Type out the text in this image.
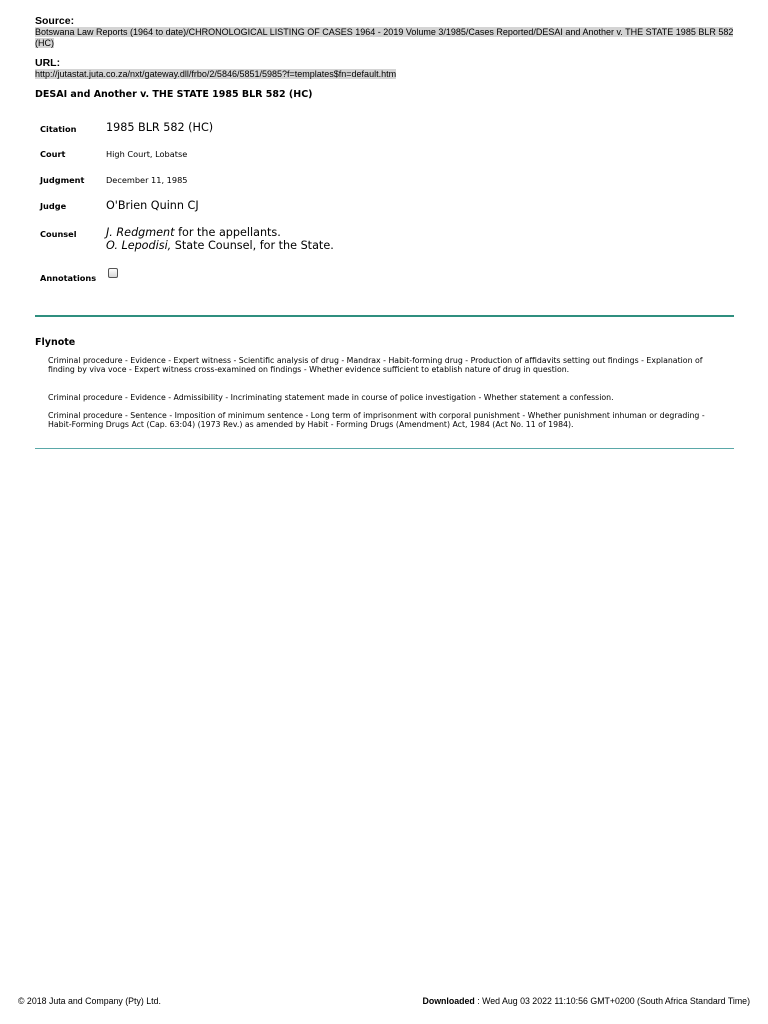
Source:
Botswana Law Reports (1964 to date)/CHRONOLOGICAL LISTING OF CASES 1964 - 2019 Volume 3/1985/Cases Reported/DESAI and Another v. THE STATE 1985 BLR 582 (HC)
URL:
http://jutastat.juta.co.za/nxt/gateway.dll/frbo/2/5846/5851/5985?f=templates$fn=default.htm
DESAI and Another v. THE STATE 1985 BLR 582 (HC)
Citation	1985 BLR 582 (HC)
Court	High Court, Lobatse
Judgment	December 11, 1985
Judge	O'Brien Quinn CJ
Counsel	J. Redgment for the appellants.
O. Lepodisi, State Counsel, for the State.
Annotations
Flynote

Criminal procedure - Evidence - Expert witness - Scientific analysis of drug - Mandrax - Habit-forming drug - Production of affidavits setting out findings - Explanation of finding by viva voce - Expert witness cross-examined on findings - Whether evidence sufficient to etablish nature of drug in question.

Criminal procedure - Evidence - Admissibility - Incriminating statement made in course of police investigation - Whether statement a confession.

Criminal procedure - Sentence - Imposition of minimum sentence - Long term of imprisonment with corporal punishment - Whether punishment inhuman or degrading - Habit-Forming Drugs Act (Cap. 63:04) (1973 Rev.) as amended by Habit - Forming Drugs (Amendment) Act, 1984 (Act No. 11 of 1984).

© 2018 Juta and Company (Pty) Ltd.	Downloaded : Wed Aug 03 2022 11:10:56 GMT+0200 (South Africa Standard Time)
